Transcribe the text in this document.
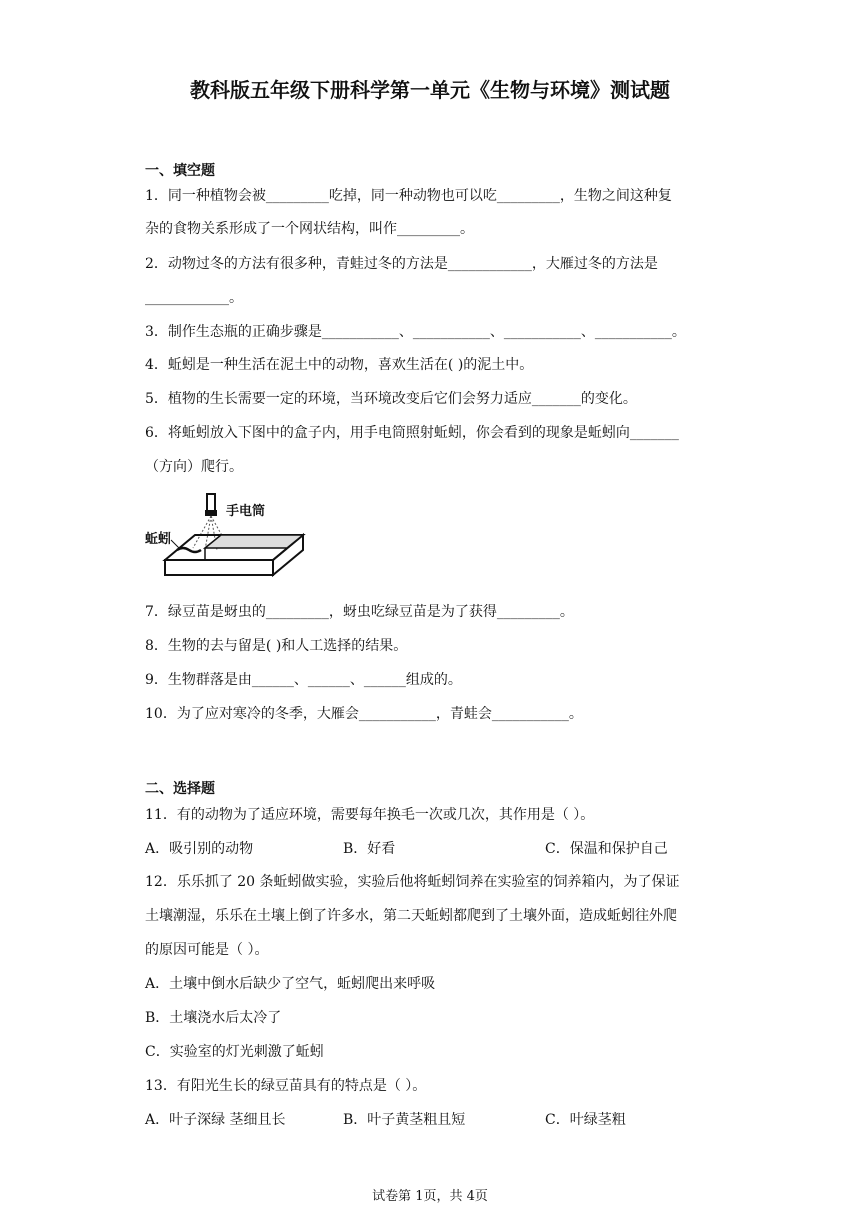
教科版五年级下册科学第一单元《生物与环境》测试题
一、填空题
1．同一种植物会被_________吃掉，同一种动物也可以吃_________，生物之间这种复
杂的食物关系形成了一个网状结构，叫作_________。
2．动物过冬的方法有很多种，青蛙过冬的方法是____________，大雁过冬的方法是
____________。
3．制作生态瓶的正确步骤是___________、___________、___________、___________。
4．蚯蚓是一种生活在泥土中的动物，喜欢生活在( )的泥土中。
5．植物的生长需要一定的环境，当环境改变后它们会努力适应_______的变化。
6．将蚯蚓放入下图中的盒子内，用手电筒照射蚯蚓，你会看到的现象是蚯蚓向_______
（方向）爬行。
手电筒
蚯蚓
7．绿豆苗是蚜虫的_________，蚜虫吃绿豆苗是为了获得_________。
8．生物的去与留是( )和人工选择的结果。
9．生物群落是由______、______、______组成的。
10．为了应对寒冷的冬季，大雁会___________，青蛙会___________。
二、选择题
11．有的动物为了适应环境，需要每年换毛一次或几次，其作用是（ ）。
A．吸引别的动物	B．好看	C．保温和保护自己
12．乐乐抓了 20 条蚯蚓做实验，实验后他将蚯蚓饲养在实验室的饲养箱内，为了保证
土壤潮湿，乐乐在土壤上倒了许多水，第二天蚯蚓都爬到了土壤外面，造成蚯蚓往外爬
的原因可能是（ ）。
A．土壤中倒水后缺少了空气，蚯蚓爬出来呼吸
B．土壤浇水后太冷了
C．实验室的灯光刺激了蚯蚓
13．有阳光生长的绿豆苗具有的特点是（ ）。
A．叶子深绿 茎细且长	B．叶子黄茎粗且短	C．叶绿茎粗
试卷第 1页，共 4页
